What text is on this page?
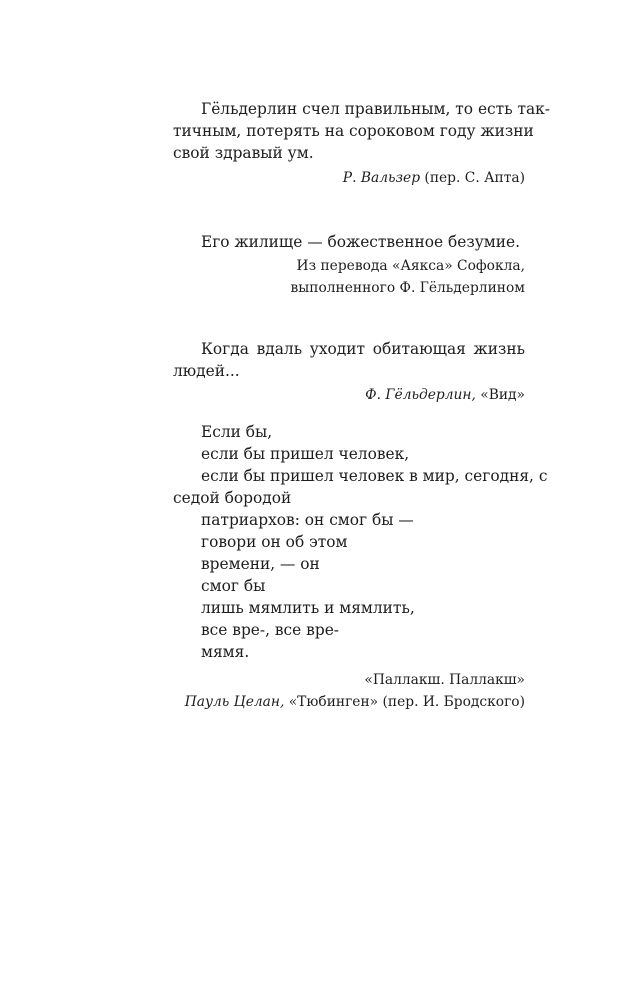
Гёльдерлин счел правильным, то есть так-
тичным, потерять на сороковом году жизни
свой здравый ум.
Р. Вальзер (пер. С. Апта)
Его жилище — божественное безумие.
Из перевода «Аякса» Софокла,
выполненного Ф. Гёльдерлином
Когда вдаль уходит обитающая жизнь
людей...
Ф. Гёльдерлин, «Вид»
Если бы,
если бы пришел человек,
если бы пришел человек в мир, сегодня, с
седой бородой
патриархов: он смог бы —
говори он об этом
времени, — он
смог бы
лишь мямлить и мямлить,
все вре-, все вре-
мямя.
«Паллакш. Паллакш»
Пауль Целан, «Тюбинген» (пер. И. Бродского)
